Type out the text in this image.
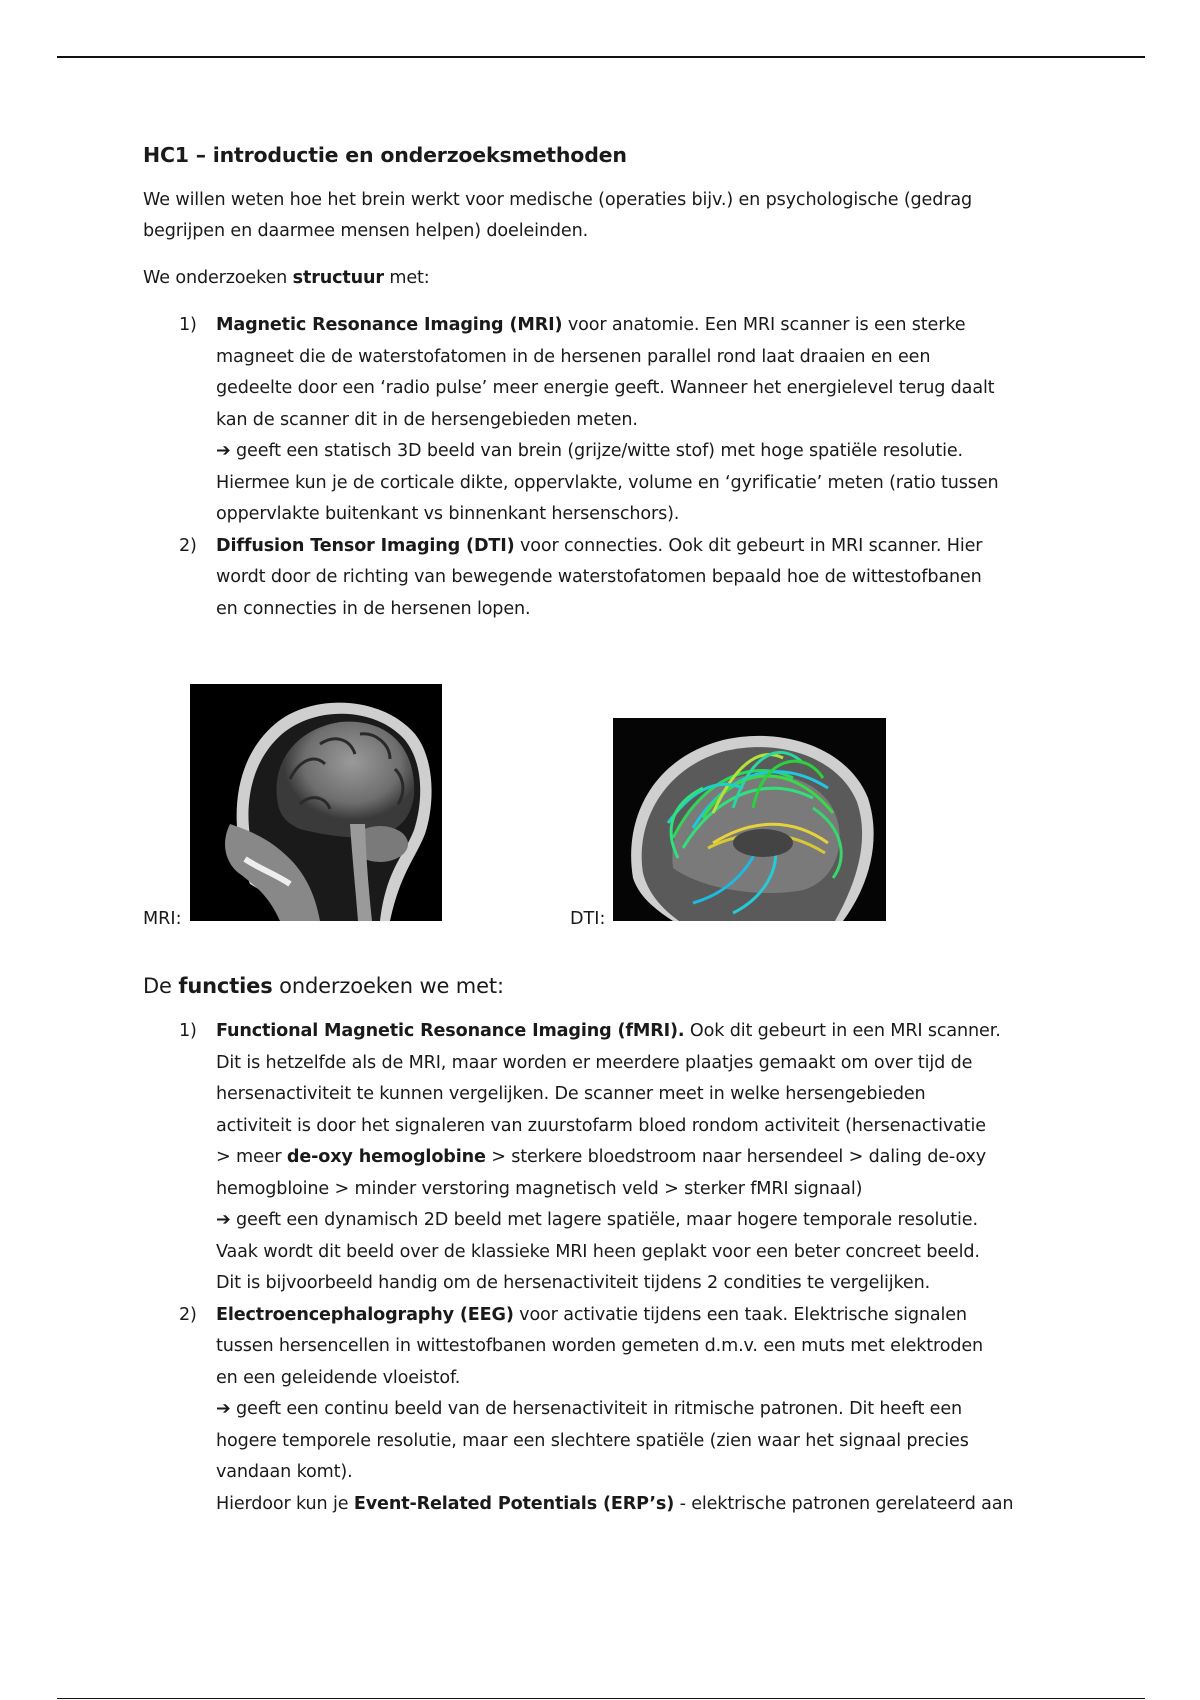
HC1 – introductie en onderzoeksmethoden

We willen weten hoe het brein werkt voor medische (operaties bijv.) en psychologische (gedrag
begrijpen en daarmee mensen helpen) doeleinden.

We onderzoeken structuur met:

1) Magnetic Resonance Imaging (MRI) voor anatomie. Een MRI scanner is een sterke
magneet die de waterstofatomen in de hersenen parallel rond laat draaien en een
gedeelte door een ‘radio pulse’ meer energie geeft. Wanneer het energielevel terug daalt
kan de scanner dit in de hersengebieden meten.
➔ geeft een statisch 3D beeld van brein (grijze/witte stof) met hoge spatiële resolutie.
Hiermee kun je de corticale dikte, oppervlakte, volume en ‘gyrificatie’ meten (ratio tussen
oppervlakte buitenkant vs binnenkant hersenschors).
2) Diffusion Tensor Imaging (DTI) voor connecties. Ook dit gebeurt in MRI scanner. Hier
wordt door de richting van bewegende waterstofatomen bepaald hoe de wittestofbanen
en connecties in de hersenen lopen.
MRI:	DTI:

De functies onderzoeken we met:

1) Functional Magnetic Resonance Imaging (fMRI). Ook dit gebeurt in een MRI scanner.
Dit is hetzelfde als de MRI, maar worden er meerdere plaatjes gemaakt om over tijd de
hersenactiviteit te kunnen vergelijken. De scanner meet in welke hersengebieden
activiteit is door het signaleren van zuurstofarm bloed rondom activiteit (hersenactivatie
> meer de-oxy hemoglobine > sterkere bloedstroom naar hersendeel > daling de-oxy
hemogbloine > minder verstoring magnetisch veld > sterker fMRI signaal)
➔ geeft een dynamisch 2D beeld met lagere spatiële, maar hogere temporale resolutie.
Vaak wordt dit beeld over de klassieke MRI heen geplakt voor een beter concreet beeld.
Dit is bijvoorbeeld handig om de hersenactiviteit tijdens 2 condities te vergelijken.
2) Electroencephalography (EEG) voor activatie tijdens een taak. Elektrische signalen
tussen hersencellen in wittestofbanen worden gemeten d.m.v. een muts met elektroden
en een geleidende vloeistof.
➔ geeft een continu beeld van de hersenactiviteit in ritmische patronen. Dit heeft een
hogere temporele resolutie, maar een slechtere spatiële (zien waar het signaal precies
vandaan komt).
Hierdoor kun je Event-Related Potentials (ERP’s) - elektrische patronen gerelateerd aan
